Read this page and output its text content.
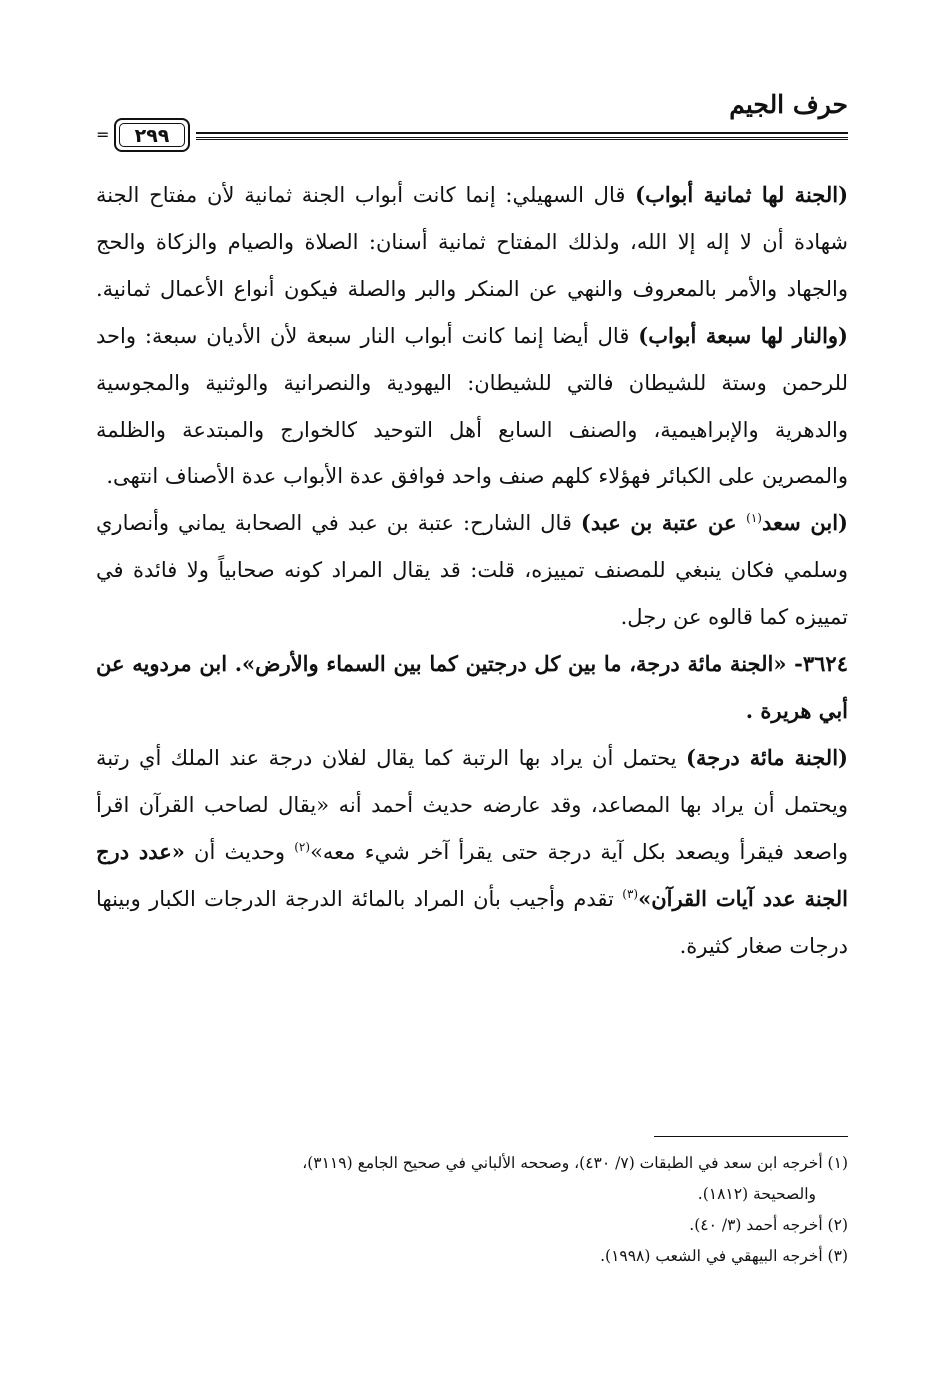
حرف الجيم
٢٩٩
=

(الجنة لها ثمانية أبواب) قال السهيلي: إنما كانت أبواب الجنة ثمانية لأن مفتاح الجنة شهادة أن لا إله إلا الله، ولذلك المفتاح ثمانية أسنان: الصلاة والصيام والزكاة والحج والجهاد والأمر بالمعروف والنهي عن المنكر والبر والصلة فيكون أنواع الأعمال ثمانية. (والنار لها سبعة أبواب) قال أيضا إنما كانت أبواب النار سبعة لأن الأديان سبعة: واحد للرحمن وستة للشيطان فالتي للشيطان: اليهودية والنصرانية والوثنية والمجوسية والدهرية والإبراهيمية، والصنف السابع أهل التوحيد كالخوارج والمبتدعة والظلمة والمصرين على الكبائر فهؤلاء كلهم صنف واحد فوافق عدة الأبواب عدة الأصناف انتهى.

(ابن سعد$^{(١)}$ عن عتبة بن عبد) قال الشارح: عتبة بن عبد في الصحابة يماني وأنصاري وسلمي فكان ينبغي للمصنف تمييزه، قلت: قد يقال المراد كونه صحابياً ولا فائدة في تمييزه كما قالوه عن رجل.

٣٦٢٤- «الجنة مائة درجة، ما بين كل درجتين كما بين السماء والأرض». ابن مردويه عن أبي هريرة .

(الجنة مائة درجة) يحتمل أن يراد بها الرتبة كما يقال لفلان درجة عند الملك أي رتبة ويحتمل أن يراد بها المصاعد، وقد عارضه حديث أحمد أنه «يقال لصاحب القرآن اقرأ واصعد فيقرأ ويصعد بكل آية درجة حتى يقرأ آخر شيء معه»$^{(٢)}$ وحديث أن «عدد درج الجنة عدد آيات القرآن»$^{(٣)}$ تقدم وأجيب بأن المراد بالمائة الدرجة الدرجات الكبار وبينها درجات صغار كثيرة.

(١) أخرجه ابن سعد في الطبقات (٧/ ٤٣٠)، وصححه الألباني في صحيح الجامع (٣١١٩)،
والصحيحة (١٨١٢).
(٢) أخرجه أحمد (٣/ ٤٠).
(٣) أخرجه البيهقي في الشعب (١٩٩٨).
